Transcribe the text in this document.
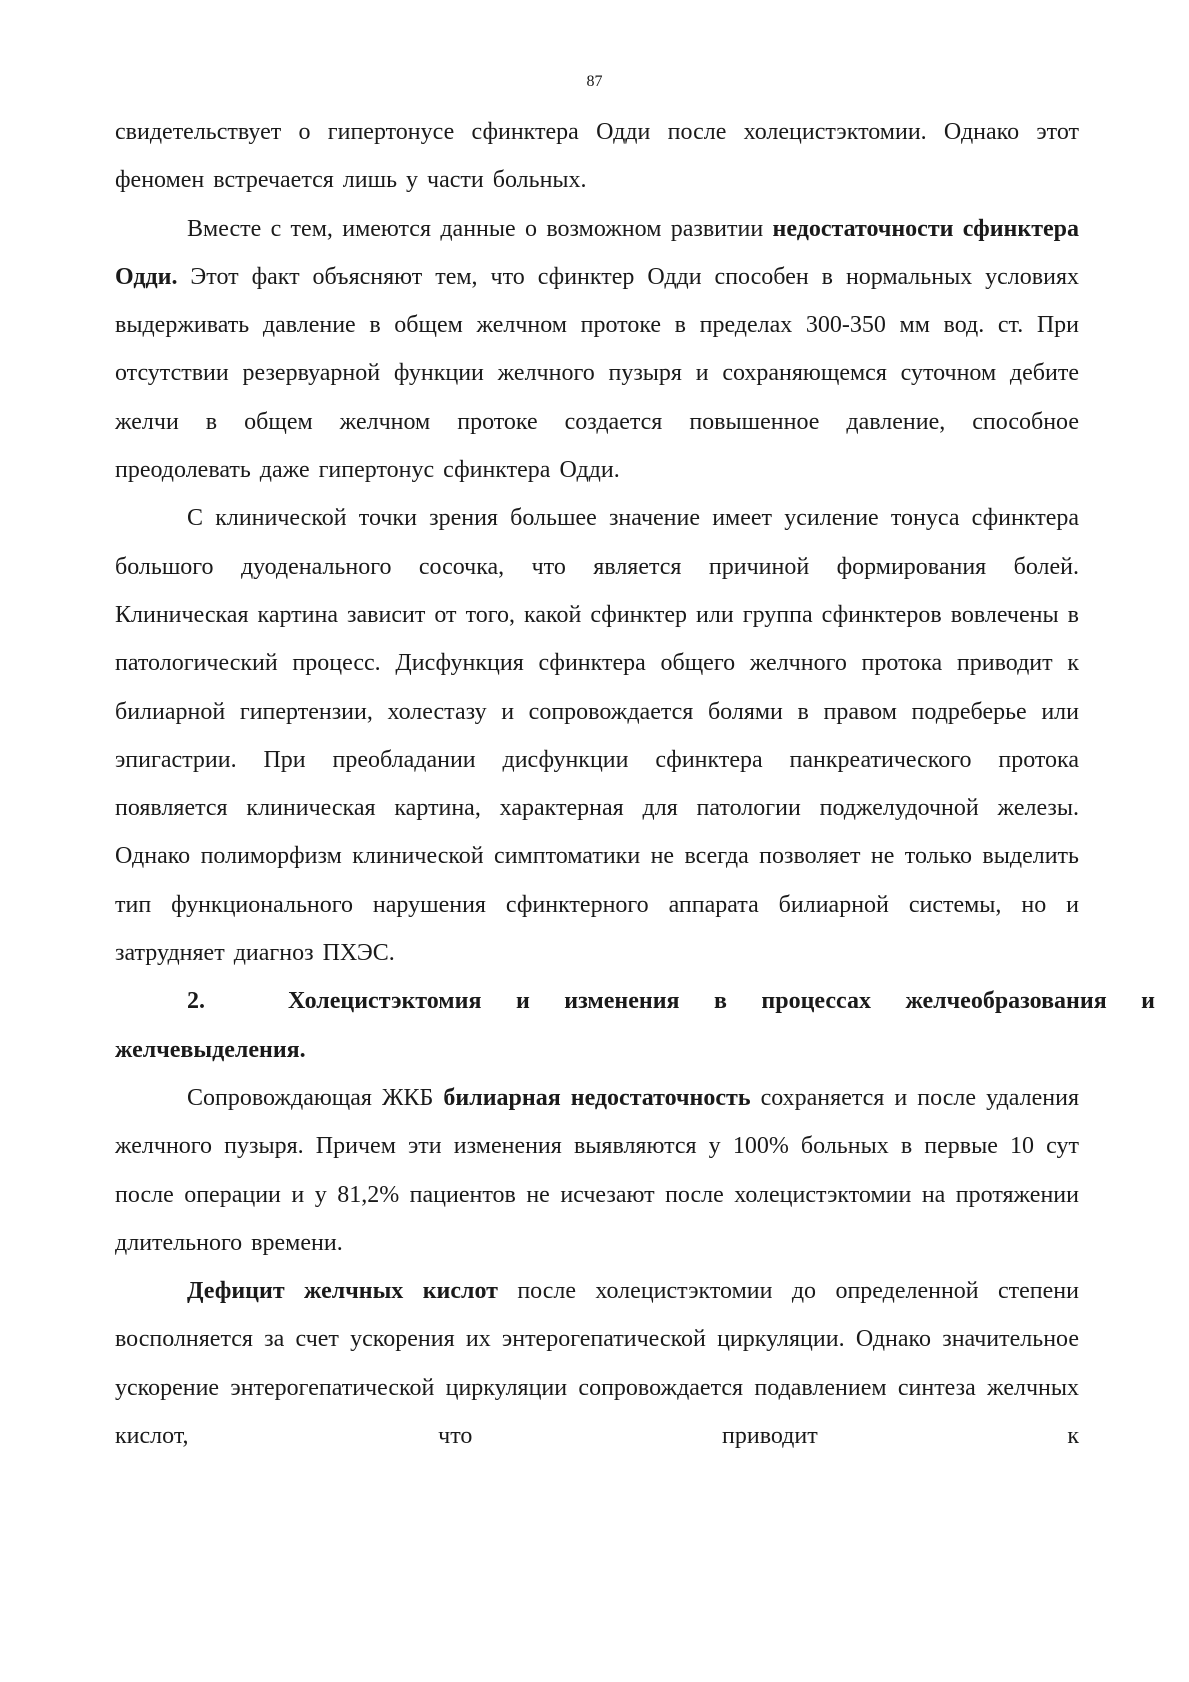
87

свидетельствует о гипертонусе сфинктера Одди после холецистэктомии. Однако этот феномен встречается лишь у части больных.

Вместе с тем, имеются данные о возможном развитии недостаточности сфинктера Одди. Этот факт объясняют тем, что сфинктер Одди способен в нормальных условиях выдерживать давление в общем желчном протоке в пределах 300-350 мм вод. ст. При отсутствии резервуарной функции желчного пузыря и сохраняющемся суточном дебите желчи в общем желчном протоке создается повышенное давление, способное преодолевать даже гипертонус сфинктера Одди.

С клинической точки зрения большее значение имеет усиление тонуса сфинктера большого дуоденального сосочка, что является причиной формирования болей. Клиническая картина зависит от того, какой сфинктер или группа сфинктеров вовлечены в патологический процесс. Дисфункция сфинктера общего желчного протока приводит к билиарной гипертензии, холестазу и сопровождается болями в правом подреберье или эпигастрии. При преобладании дисфункции сфинктера панкреатического протока появляется клиническая картина, характерная для патологии поджелудочной железы. Однако полиморфизм клинической симптоматики не всегда позволяет не только выделить тип функционального нарушения сфинктерного аппарата билиарной системы, но и затрудняет диагноз ПХЭС.

2.	Холецистэктомия и изменения в процессах желчеобразования и желчевыделения.

Сопровождающая ЖКБ билиарная недостаточность сохраняется и после удаления желчного пузыря. Причем эти изменения выявляются у 100% больных в первые 10 сут после операции и у 81,2% пациентов не исчезают после холецистэктомии на протяжении длительного времени.

Дефицит желчных кислот после холецистэктомии до определенной степени восполняется за счет ускорения их энтерогепатической циркуляции. Однако значительное ускорение энтерогепатической циркуляции сопровождается подавлением синтеза желчных кислот, что приводит к
